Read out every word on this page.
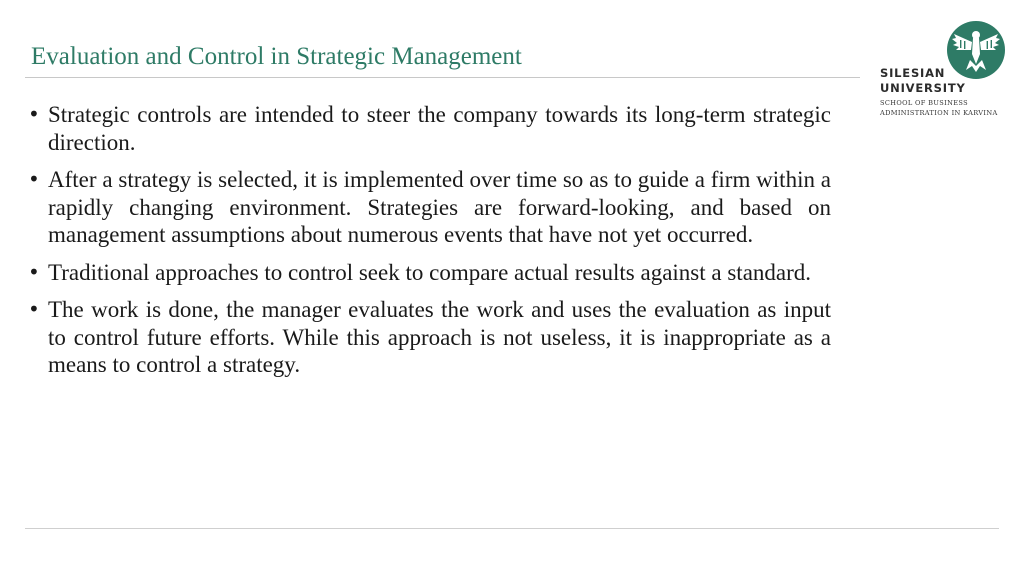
Evaluation and Control in Strategic Management
• Strategic controls are intended to steer the company towards its long-term strategic direction.
• After a strategy is selected, it is implemented over time so as to guide a firm within a rapidly changing environment. Strategies are forward-looking, and based on management assumptions about numerous events that have not yet occurred.
• Traditional approaches to control seek to compare actual results against a standard.
• The work is done, the manager evaluates the work and uses the evaluation as input to control future efforts. While this approach is not useless, it is inappropriate as a means to control a strategy.
SILESIAN
UNIVERSITY
SCHOOL OF BUSINESS
ADMINISTRATION IN KARVINA
